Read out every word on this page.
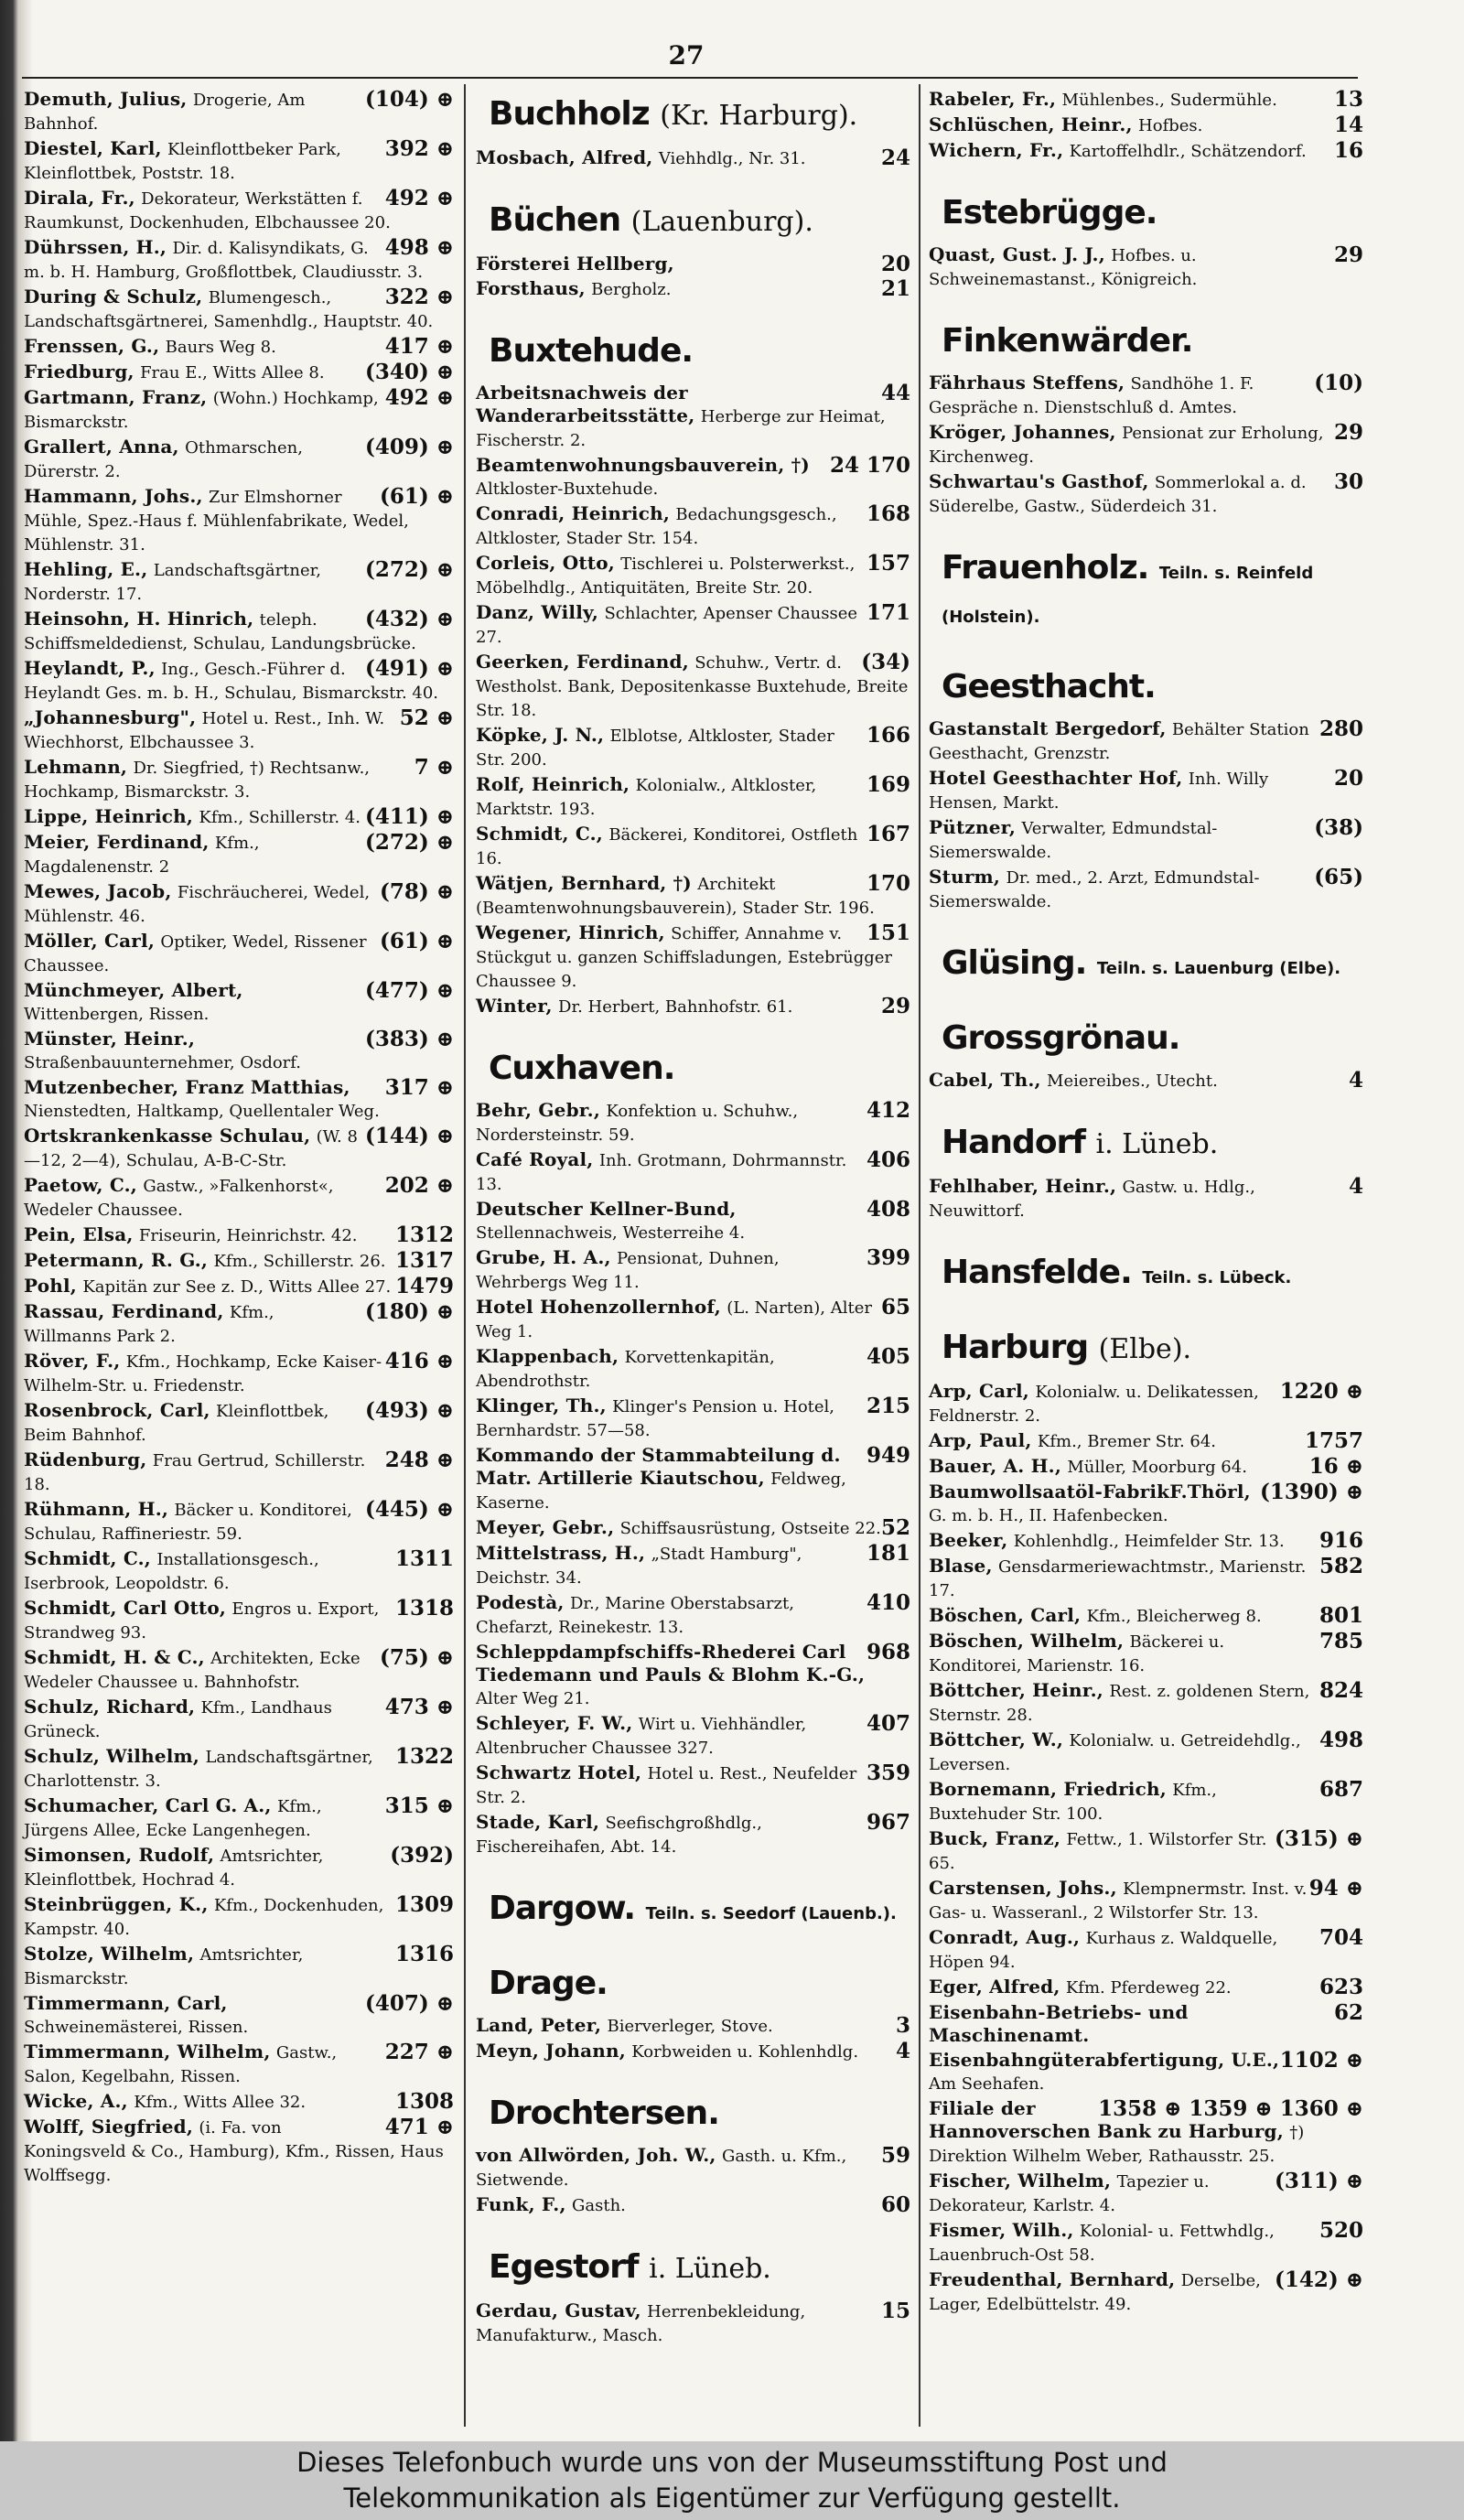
27
(104) ⊕
Demuth, Julius, Drogerie, Am Bahnhof.
392 ⊕
Diestel, Karl, Kleinflottbeker Park, Kleinflottbek, Poststr. 18.
492 ⊕
Dirala, Fr., Dekorateur, Werkstätten f. Raumkunst, Dockenhuden, Elbchaussee 20.
498 ⊕
Dührssen, H., Dir. d. Kalisyndikats, G. m. b. H. Hamburg, Großflottbek, Claudiusstr. 3.
322 ⊕
During & Schulz, Blumengesch., Landschaftsgärtnerei, Samenhdlg., Hauptstr. 40.
417 ⊕
Frenssen, G., Baurs Weg 8.
(340) ⊕
Friedburg, Frau E., Witts Allee 8.
492 ⊕
Gartmann, Franz, (Wohn.) Hochkamp, Bismarckstr.
(409) ⊕
Grallert, Anna, Othmarschen, Dürerstr. 2.
(61) ⊕
Hammann, Johs., Zur Elmshorner Mühle, Spez.-Haus f. Mühlenfabrikate, Wedel, Mühlenstr. 31.
(272) ⊕
Hehling, E., Landschaftsgärtner, Norderstr. 17.
(432) ⊕
Heinsohn, H. Hinrich, teleph. Schiffsmeldedienst, Schulau, Landungsbrücke.
(491) ⊕
Heylandt, P., Ing., Gesch.-Führer d. Heylandt Ges. m. b. H., Schulau, Bismarckstr. 40.
52 ⊕
„Johannesburg", Hotel u. Rest., Inh. W. Wiechhorst, Elbchaussee 3.
7 ⊕
Lehmann, Dr. Siegfried, †) Rechtsanw., Hochkamp, Bismarckstr. 3.
(411) ⊕
Lippe, Heinrich, Kfm., Schillerstr. 4.
(272) ⊕
Meier, Ferdinand, Kfm., Magdalenenstr. 2
(78) ⊕
Mewes, Jacob, Fischräucherei, Wedel, Mühlenstr. 46.
(61) ⊕
Möller, Carl, Optiker, Wedel, Rissener Chaussee.
(477) ⊕
Münchmeyer, Albert, Wittenbergen, Rissen.
(383) ⊕
Münster, Heinr., Straßenbauunternehmer, Osdorf.
317 ⊕
Mutzenbecher, Franz Matthias, Nienstedten, Haltkamp, Quellentaler Weg.
(144) ⊕
Ortskrankenkasse Schulau, (W. 8—12, 2—4), Schulau, A-B-C-Str.
202 ⊕
Paetow, C., Gastw., »Falkenhorst«, Wedeler Chaussee.
1312
Pein, Elsa, Friseurin, Heinrichstr. 42.
1317
Petermann, R. G., Kfm., Schillerstr. 26.
1479
Pohl, Kapitän zur See z. D., Witts Allee 27.
(180) ⊕
Rassau, Ferdinand, Kfm., Willmanns Park 2.
416 ⊕
Röver, F., Kfm., Hochkamp, Ecke Kaiser-Wilhelm-Str. u. Friedenstr.
(493) ⊕
Rosenbrock, Carl, Kleinflottbek, Beim Bahnhof.
248 ⊕
Rüdenburg, Frau Gertrud, Schillerstr. 18.
(445) ⊕
Rühmann, H., Bäcker u. Konditorei, Schulau, Raffineriestr. 59.
1311
Schmidt, C., Installationsgesch., Iserbrook, Leopoldstr. 6.
1318
Schmidt, Carl Otto, Engros u. Export, Strandweg 93.
(75) ⊕
Schmidt, H. & C., Architekten, Ecke Wedeler Chaussee u. Bahnhofstr.
473 ⊕
Schulz, Richard, Kfm., Landhaus Grüneck.
1322
Schulz, Wilhelm, Landschaftsgärtner, Charlottenstr. 3.
315 ⊕
Schumacher, Carl G. A., Kfm., Jürgens Allee, Ecke Langenhegen.
(392)
Simonsen, Rudolf, Amtsrichter, Kleinflottbek, Hochrad 4.
1309
Steinbrüggen, K., Kfm., Dockenhuden, Kampstr. 40.
1316
Stolze, Wilhelm, Amtsrichter, Bismarckstr.
(407) ⊕
Timmermann, Carl, Schweinemästerei, Rissen.
227 ⊕
Timmermann, Wilhelm, Gastw., Salon, Kegelbahn, Rissen.
1308
Wicke, A., Kfm., Witts Allee 32.
471 ⊕
Wolff, Siegfried, (i. Fa. von Koningsveld & Co., Hamburg), Kfm., Rissen, Haus Wolffsegg.
Buchholz (Kr. Harburg).
24
Mosbach, Alfred, Viehhdlg., Nr. 31.
Büchen (Lauenburg).
20
Försterei Hellberg,
21
Forsthaus, Bergholz.
Buxtehude.
44
Arbeitsnachweis der Wanderarbeitsstätte, Herberge zur Heimat, Fischerstr. 2.
24 170
Beamtenwohnungsbauverein, †) Altkloster-Buxtehude.
168
Conradi, Heinrich, Bedachungsgesch., Altkloster, Stader Str. 154.
157
Corleis, Otto, Tischlerei u. Polsterwerkst., Möbelhdlg., Antiquitäten, Breite Str. 20.
171
Danz, Willy, Schlachter, Apenser Chaussee 27.
(34)
Geerken, Ferdinand, Schuhw., Vertr. d. Westholst. Bank, Depositenkasse Buxtehude, Breite Str. 18.
166
Köpke, J. N., Elblotse, Altkloster, Stader Str. 200.
169
Rolf, Heinrich, Kolonialw., Altkloster, Marktstr. 193.
167
Schmidt, C., Bäckerei, Konditorei, Ostfleth 16.
170
Wätjen, Bernhard, †) Architekt (Beamtenwohnungsbauverein), Stader Str. 196.
151
Wegener, Hinrich, Schiffer, Annahme v. Stückgut u. ganzen Schiffsladungen, Estebrügger Chaussee 9.
29
Winter, Dr. Herbert, Bahnhofstr. 61.
Cuxhaven.
412
Behr, Gebr., Konfektion u. Schuhw., Nordersteinstr. 59.
406
Café Royal, Inh. Grotmann, Dohrmannstr. 13.
408
Deutscher Kellner-Bund, Stellennachweis, Westerreihe 4.
399
Grube, H. A., Pensionat, Duhnen, Wehrbergs Weg 11.
65
Hotel Hohenzollernhof, (L. Narten), Alter Weg 1.
405
Klappenbach, Korvettenkapitän, Abendrothstr.
215
Klinger, Th., Klinger's Pension u. Hotel, Bernhardstr. 57—58.
949
Kommando der Stammabteilung d. Matr. Artillerie Kiautschou, Feldweg, Kaserne.
52
Meyer, Gebr., Schiffsausrüstung, Ostseite 22.
181
Mittelstrass, H., „Stadt Hamburg", Deichstr. 34.
410
Podestà, Dr., Marine Oberstabsarzt, Chefarzt, Reinekestr. 13.
968
Schleppdampfschiffs-Rhederei Carl Tiedemann und Pauls & Blohm K.-G., Alter Weg 21.
407
Schleyer, F. W., Wirt u. Viehhändler, Altenbrucher Chaussee 327.
359
Schwartz Hotel, Hotel u. Rest., Neufelder Str. 2.
967
Stade, Karl, Seefischgroßhdlg., Fischereihafen, Abt. 14.
Dargow. Teiln. s. Seedorf (Lauenb.).
Drage.
3
Land, Peter, Bierverleger, Stove.
4
Meyn, Johann, Korbweiden u. Kohlenhdlg.
Drochtersen.
59
von Allwörden, Joh. W., Gasth. u. Kfm., Sietwende.
60
Funk, F., Gasth.
Egestorf i. Lüneb.
15
Gerdau, Gustav, Herrenbekleidung, Manufakturw., Masch.
13
Rabeler, Fr., Mühlenbes., Sudermühle.
14
Schlüschen, Heinr., Hofbes.
16
Wichern, Fr., Kartoffelhdlr., Schätzendorf.
Estebrügge.
29
Quast, Gust. J. J., Hofbes. u. Schweinemastanst., Königreich.
Finkenwärder.
(10)
Fährhaus Steffens, Sandhöhe 1. F. Gespräche n. Dienstschluß d. Amtes.
29
Kröger, Johannes, Pensionat zur Erholung, Kirchenweg.
30
Schwartau's Gasthof, Sommerlokal a. d. Süderelbe, Gastw., Süderdeich 31.
Frauenholz. Teiln. s. Reinfeld (Holstein).
Geesthacht.
280
Gastanstalt Bergedorf, Behälter Station Geesthacht, Grenzstr.
20
Hotel Geesthachter Hof, Inh. Willy Hensen, Markt.
(38)
Pützner, Verwalter, Edmundstal-Siemerswalde.
(65)
Sturm, Dr. med., 2. Arzt, Edmundstal-Siemerswalde.
Glüsing. Teiln. s. Lauenburg (Elbe).
Grossgrönau.
4
Cabel, Th., Meiereibes., Utecht.
Handorf i. Lüneb.
4
Fehlhaber, Heinr., Gastw. u. Hdlg., Neuwittorf.
Hansfelde. Teiln. s. Lübeck.
Harburg (Elbe).
1220 ⊕
Arp, Carl, Kolonialw. u. Delikatessen, Feldnerstr. 2.
1757
Arp, Paul, Kfm., Bremer Str. 64.
16 ⊕
Bauer, A. H., Müller, Moorburg 64.
(1390) ⊕
Baumwollsaatöl-FabrikF.Thörl, G. m. b. H., II. Hafenbecken.
916
Beeker, Kohlenhdlg., Heimfelder Str. 13.
582
Blase, Gensdarmeriewachtmstr., Marienstr. 17.
801
Böschen, Carl, Kfm., Bleicherweg 8.
785
Böschen, Wilhelm, Bäckerei u. Konditorei, Marienstr. 16.
824
Böttcher, Heinr., Rest. z. goldenen Stern, Sternstr. 28.
498
Böttcher, W., Kolonialw. u. Getreidehdlg., Leversen.
687
Bornemann, Friedrich, Kfm., Buxtehuder Str. 100.
(315) ⊕
Buck, Franz, Fettw., 1. Wilstorfer Str. 65.
94 ⊕
Carstensen, Johs., Klempnermstr. Inst. v. Gas- u. Wasseranl., 2 Wilstorfer Str. 13.
704
Conradt, Aug., Kurhaus z. Waldquelle, Höpen 94.
623
Eger, Alfred, Kfm. Pferdeweg 22.
62
Eisenbahn-Betriebs- und Maschinenamt.
1102 ⊕
Eisenbahngüterabfertigung, U.E., Am Seehafen.
1358 ⊕ 1359 ⊕ 1360 ⊕
Filiale der Hannoverschen Bank zu Harburg, †) Direktion Wilhelm Weber, Rathausstr. 25.
(311) ⊕
Fischer, Wilhelm, Tapezier u. Dekorateur, Karlstr. 4.
520
Fismer, Wilh., Kolonial- u. Fettwhdlg., Lauenbruch-Ost 58.
(142) ⊕
Freudenthal, Bernhard, Derselbe, Lager, Edelbüttelstr. 49.
Dieses Telefonbuch wurde uns von der Museumsstiftung Post und
Telekommunikation als Eigentümer zur Verfügung gestellt.
